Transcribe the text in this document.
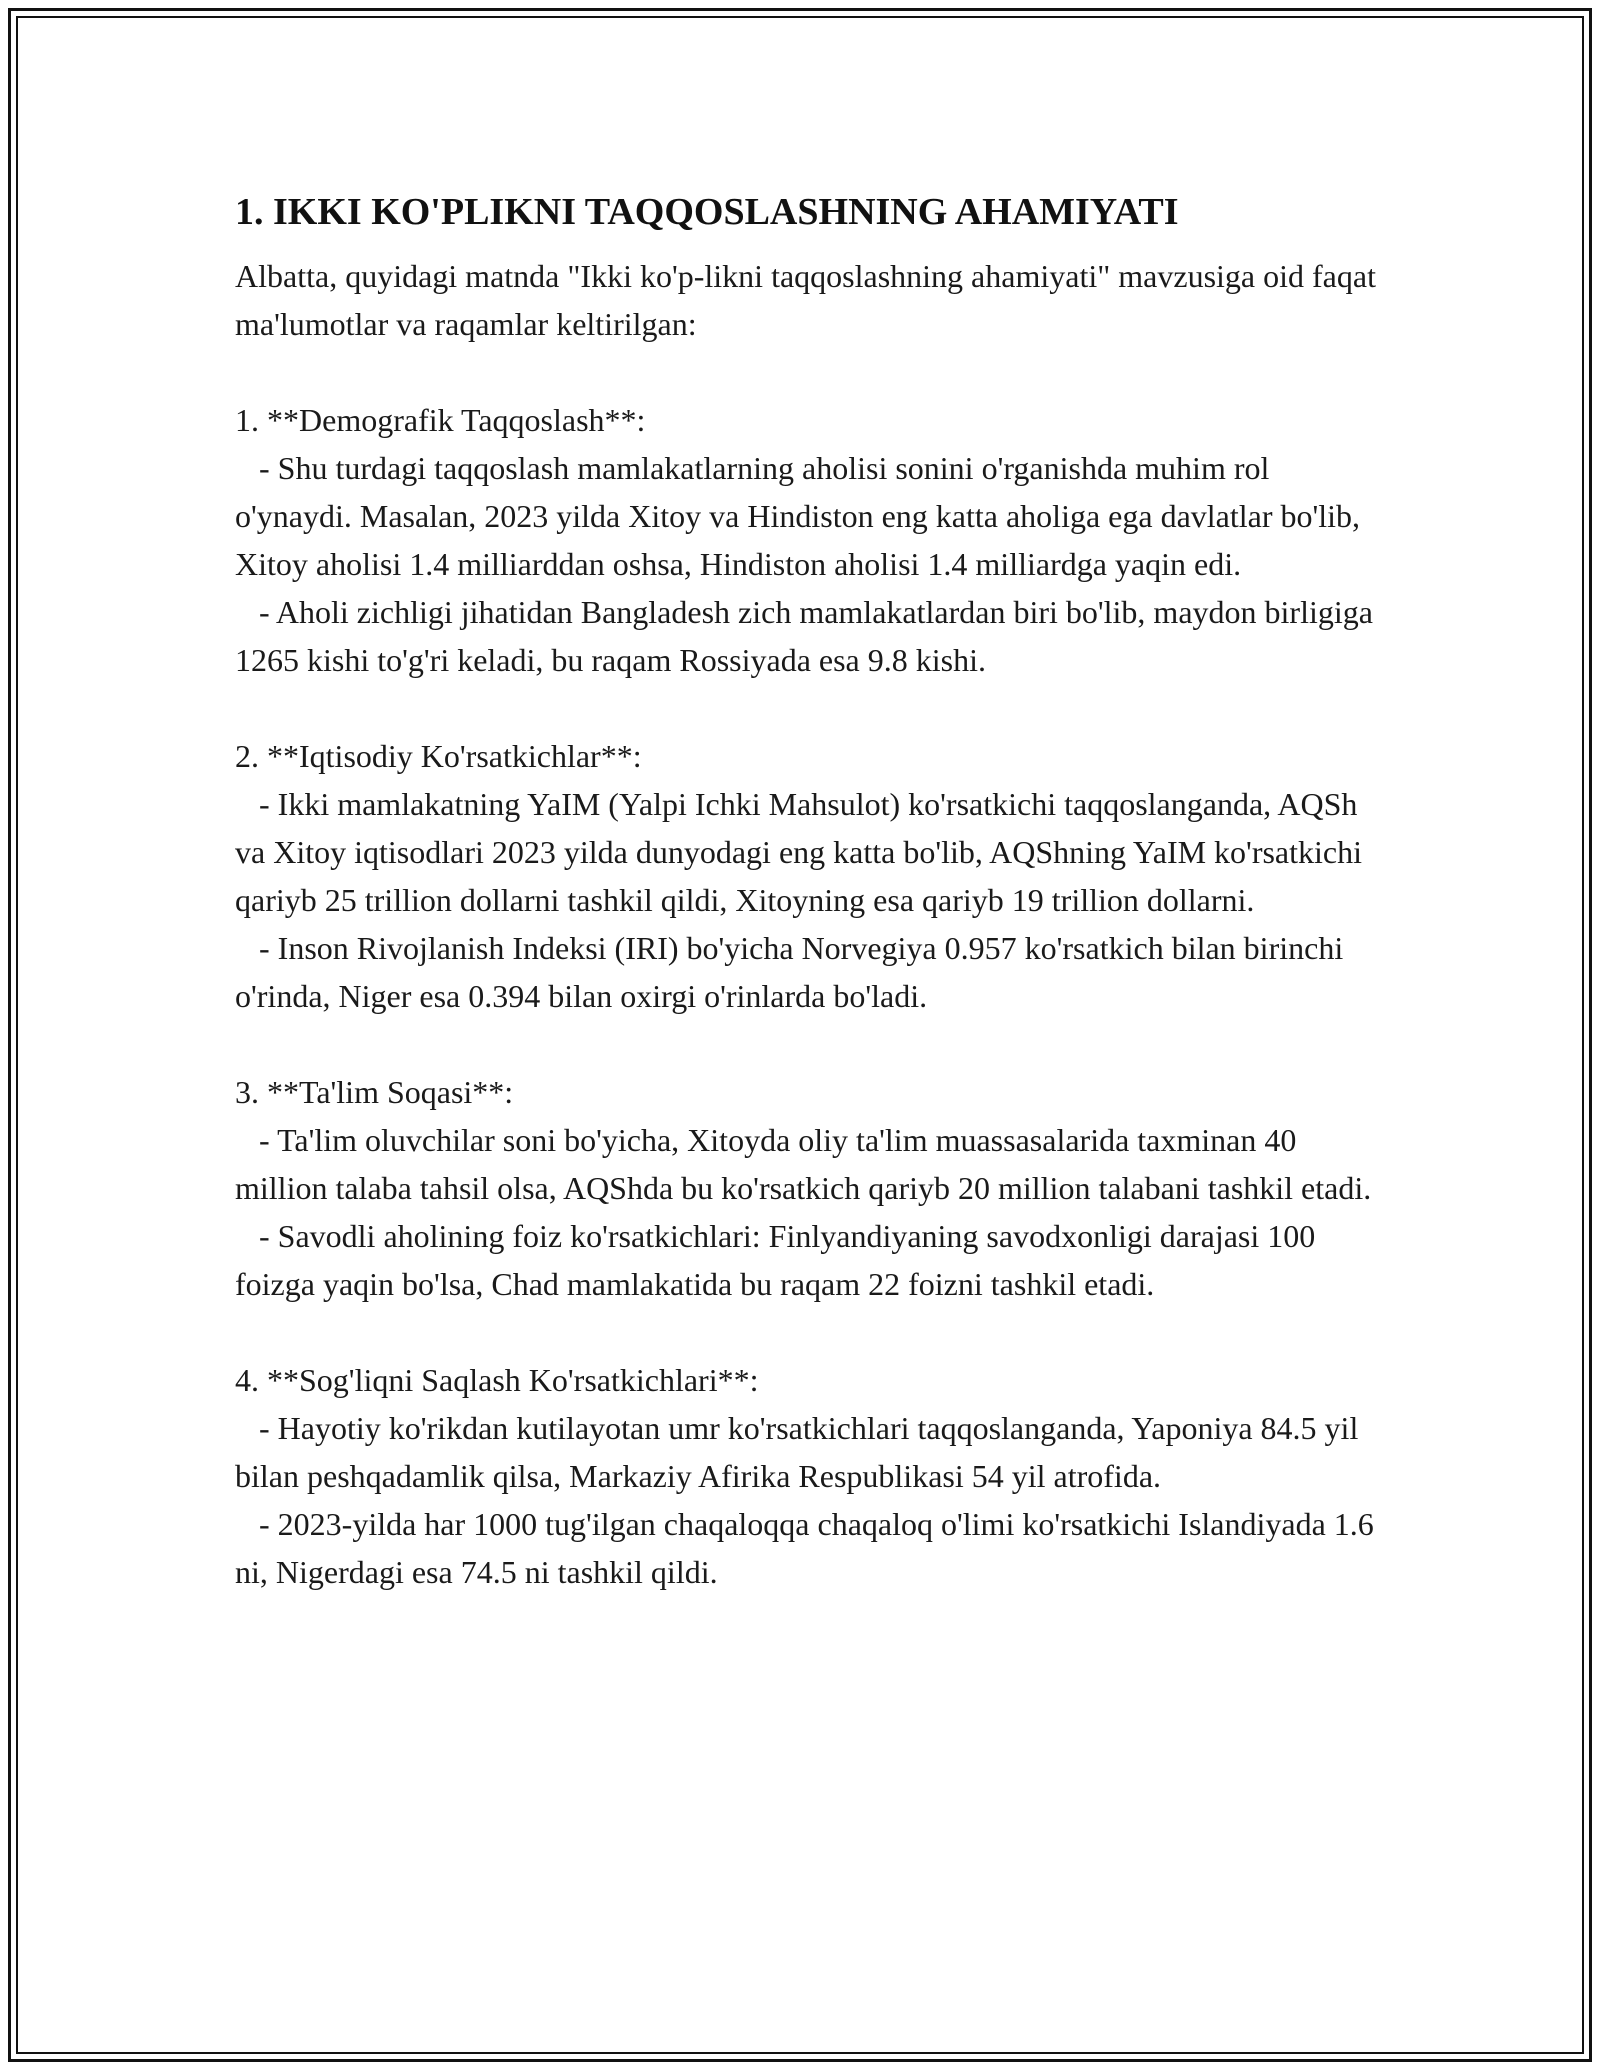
1. IKKI KO'PLIKNI TAQQOSLASHNING AHAMIYATI

Albatta, quyidagi matnda "Ikki ko'p-likni taqqoslashning ahamiyati" mavzusiga oid faqat ma'lumotlar va raqamlar keltirilgan:

1. **Demografik Taqqoslash**:

- Shu turdagi taqqoslash mamlakatlarning aholisi sonini o'rganishda muhim rol o'ynaydi. Masalan, 2023 yilda Xitoy va Hindiston eng katta aholiga ega davlatlar bo'lib, Xitoy aholisi 1.4 milliarddan oshsa, Hindiston aholisi 1.4 milliardga yaqin edi.

- Aholi zichligi jihatidan Bangladesh zich mamlakatlardan biri bo'lib, maydon birligiga 1265 kishi to'g'ri keladi, bu raqam Rossiyada esa 9.8 kishi.

2. **Iqtisodiy Ko'rsatkichlar**:

- Ikki mamlakatning YaIM (Yalpi Ichki Mahsulot) ko'rsatkichi taqqoslanganda, AQSh va Xitoy iqtisodlari 2023 yilda dunyodagi eng katta bo'lib, AQShning YaIM ko'rsatkichi qariyb 25 trillion dollarni tashkil qildi, Xitoyning esa qariyb 19 trillion dollarni.

- Inson Rivojlanish Indeksi (IRI) bo'yicha Norvegiya 0.957 ko'rsatkich bilan birinchi o'rinda, Niger esa 0.394 bilan oxirgi o'rinlarda bo'ladi.

3. **Ta'lim Soqasi**:

- Ta'lim oluvchilar soni bo'yicha, Xitoyda oliy ta'lim muassasalarida taxminan 40 million talaba tahsil olsa, AQShda bu ko'rsatkich qariyb 20 million talabani tashkil etadi.

- Savodli aholining foiz ko'rsatkichlari: Finlyandiyaning savodxonligi darajasi 100 foizga yaqin bo'lsa, Chad mamlakatida bu raqam 22 foizni tashkil etadi.

4. **Sog'liqni Saqlash Ko'rsatkichlari**:

- Hayotiy ko'rikdan kutilayotan umr ko'rsatkichlari taqqoslanganda, Yaponiya 84.5 yil bilan peshqadamlik qilsa, Markaziy Afirika Respublikasi 54 yil atrofida.

- 2023-yilda har 1000 tug'ilgan chaqaloqqa chaqaloq o'limi ko'rsatkichi Islandiyada 1.6 ni, Nigerdagi esa 74.5 ni tashkil qildi.
